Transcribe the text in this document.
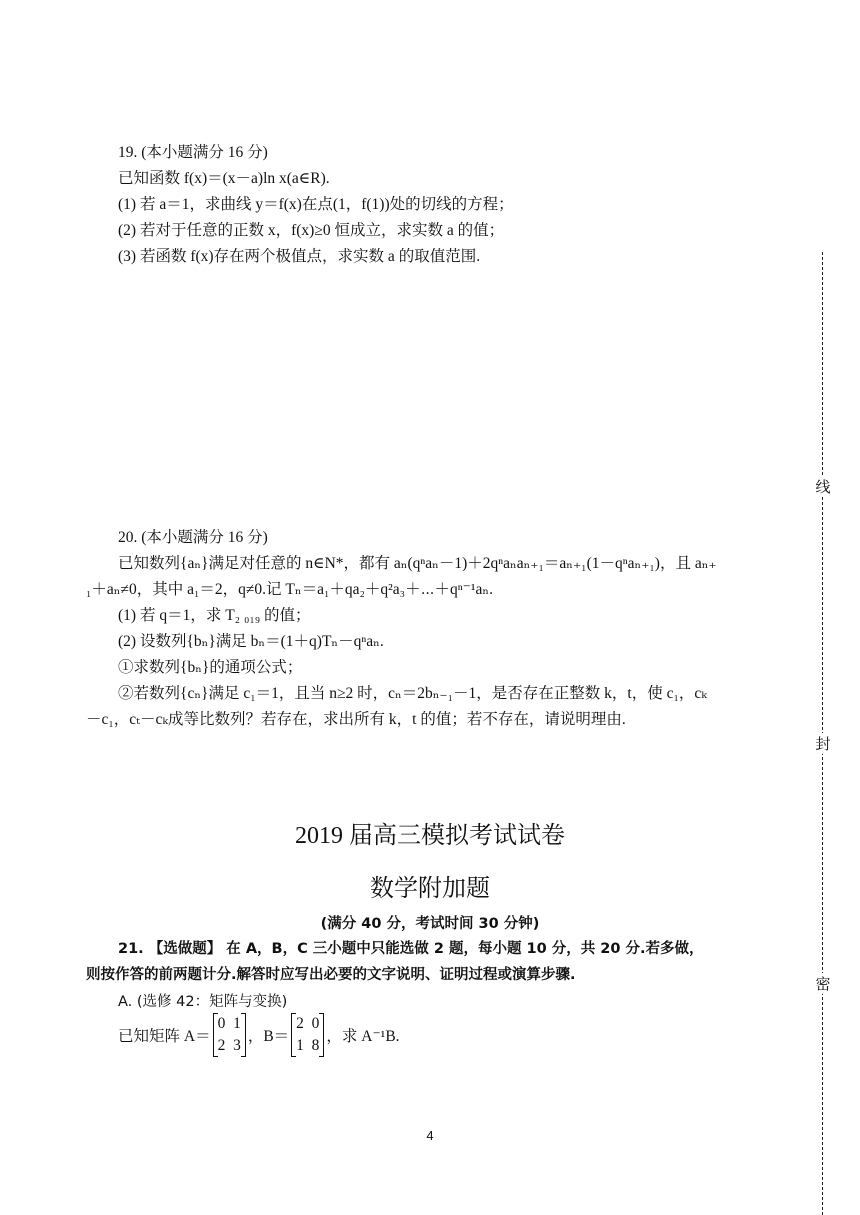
19. (本小题满分 16 分)
已知函数 f(x)＝(x－a)ln x(a∈R).
(1) 若 a＝1，求曲线 y＝f(x)在点(1，f(1))处的切线的方程；
(2) 若对于任意的正数 x，f(x)≥0 恒成立，求实数 a 的值；
(3) 若函数 f(x)存在两个极值点，求实数 a 的取值范围.
20. (本小题满分 16 分)
已知数列{aₙ}满足对任意的 n∈N*，都有 aₙ(qⁿaₙ－1)＋2qⁿaₙaₙ₊₁＝aₙ₊₁(1－qⁿaₙ₊₁)，且 aₙ₊
₁＋aₙ≠0，其中 a₁＝2，q≠0.记 Tₙ＝a₁＋qa₂＋q²a₃＋⋯＋qⁿ⁻¹aₙ.
(1) 若 q＝1，求 T₂ ₀₁₉ 的值；
(2) 设数列{bₙ}满足 bₙ＝(1＋q)Tₙ－qⁿaₙ.
①求数列{bₙ}的通项公式；
②若数列{cₙ}满足 c₁＝1，且当 n≥2 时，cₙ＝2bₙ₋₁－1，是否存在正整数 k，t，使 c₁，cₖ
－c₁，cₜ－cₖ成等比数列？若存在，求出所有 k，t 的值；若不存在，请说明理由.
2019 届高三模拟考试试卷
数学附加题
(满分 40 分，考试时间 30 分钟)
21. 【选做题】 在 A，B，C 三小题中只能选做 2 题，每小题 10 分，共 20 分.若多做，
则按作答的前两题计分.解答时应写出必要的文字说明、证明过程或演算步骤.
A. (选修 42：矩阵与变换)
已知矩阵 A＝
0  1
2  3
，B＝
2  0
1  8
，求 A⁻¹B.
4
线
封
密
